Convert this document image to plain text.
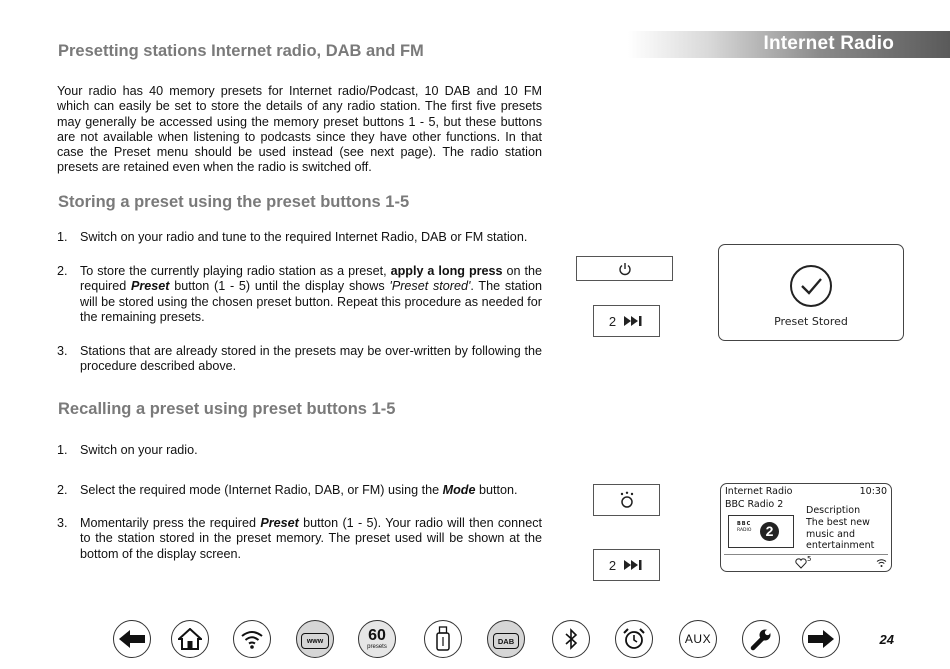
Internet Radio
Presetting stations Internet radio, DAB and FM

Your radio has 40 memory presets for Internet radio/Podcast, 10 DAB and 10 FM which can easily be set to store the details of any radio station. The first five presets may generally be accessed using the memory preset buttons 1 - 5, but these buttons are not available when listening to podcasts since they have other functions. In that case the Preset menu should be used instead (see next page). The radio station presets are retained even when the radio is switched off.

Storing a preset using the preset buttons 1-5
1. Switch on your radio and tune to the required Internet Radio, DAB or FM station.
2. To store the currently playing radio station as a preset, apply a long press on the required Preset button (1 - 5) until the display shows 'Preset stored'. The station will be stored using the chosen preset button. Repeat this procedure as needed for the remaining presets.
3. Stations that are already stored in the presets may be over-written by following the procedure described above.
Recalling a preset using preset buttons 1-5
1. Switch on your radio.
2. Select the required mode (Internet Radio, DAB, or FM) using the Mode button.
3. Momentarily press the required Preset button (1 - 5). Your radio will then connect to the station stored in the preset memory. The preset used will be shown at the bottom of the display screen.
2	Preset Stored
2
Internet Radio	10:30
BBC Radio 2
BBC
RADIO	2
Description
The best new
music and
entertainment
5
www	60
presets
DAB	AUX	24
